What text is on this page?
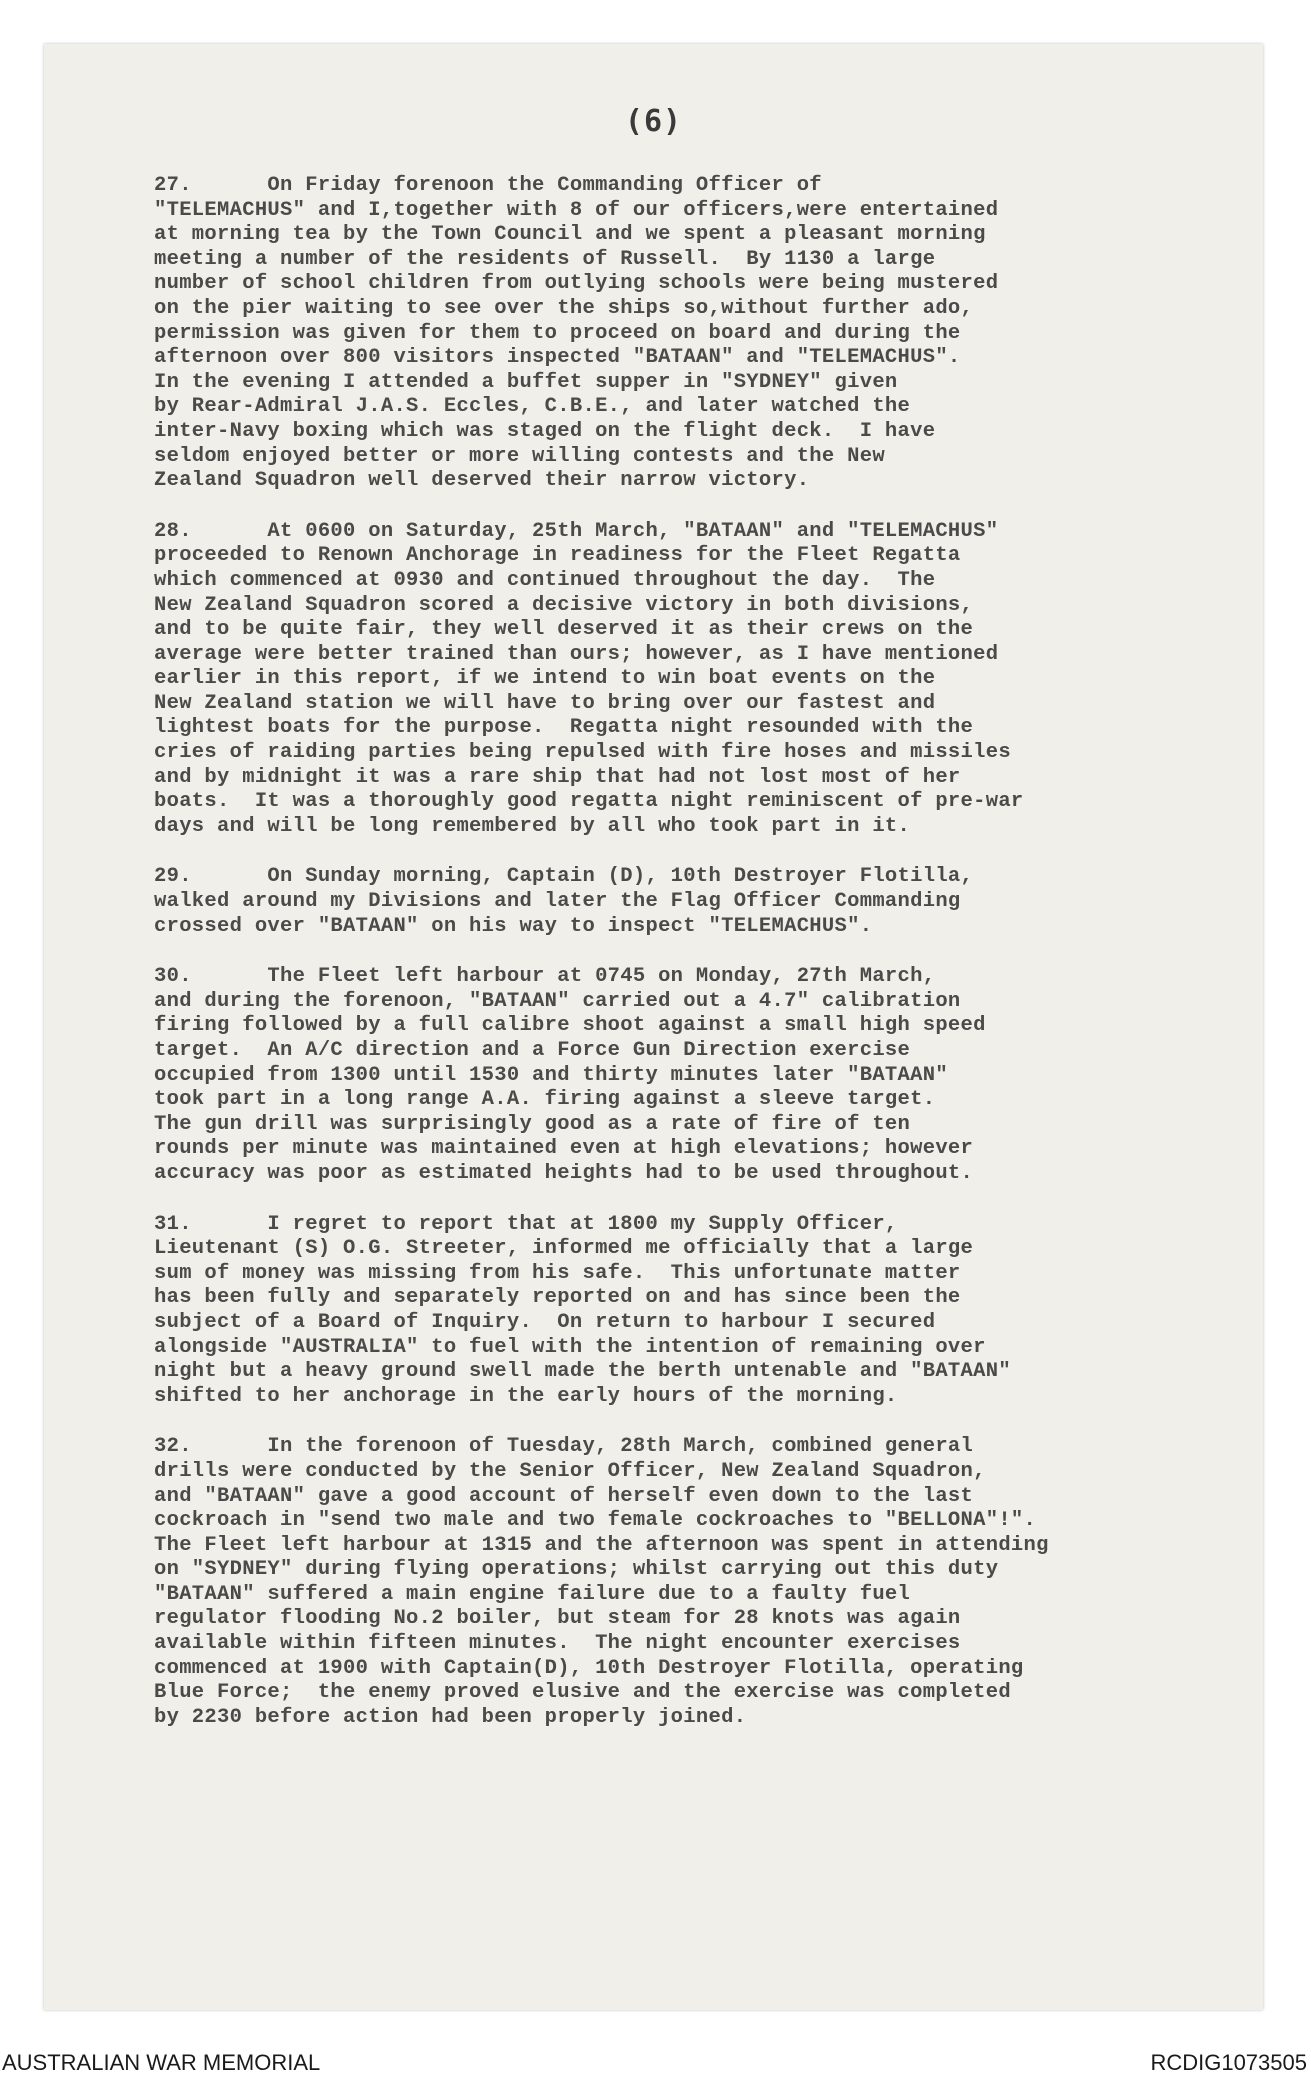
(6)
27.      On Friday forenoon the Commanding Officer of
"TELEMACHUS" and I,together with 8 of our officers,were entertained
at morning tea by the Town Council and we spent a pleasant morning
meeting a number of the residents of Russell.  By 1130 a large
number of school children from outlying schools were being mustered
on the pier waiting to see over the ships so,without further ado,
permission was given for them to proceed on board and during the
afternoon over 800 visitors inspected "BATAAN" and "TELEMACHUS".
In the evening I attended a buffet supper in "SYDNEY" given
by Rear-Admiral J.A.S. Eccles, C.B.E., and later watched the
inter-Navy boxing which was staged on the flight deck.  I have
seldom enjoyed better or more willing contests and the New
Zealand Squadron well deserved their narrow victory.
28.      At 0600 on Saturday, 25th March, "BATAAN" and "TELEMACHUS"
proceeded to Renown Anchorage in readiness for the Fleet Regatta
which commenced at 0930 and continued throughout the day.  The
New Zealand Squadron scored a decisive victory in both divisions,
and to be quite fair, they well deserved it as their crews on the
average were better trained than ours; however, as I have mentioned
earlier in this report, if we intend to win boat events on the
New Zealand station we will have to bring over our fastest and
lightest boats for the purpose.  Regatta night resounded with the
cries of raiding parties being repulsed with fire hoses and missiles
and by midnight it was a rare ship that had not lost most of her
boats.  It was a thoroughly good regatta night reminiscent of pre-war
days and will be long remembered by all who took part in it.
29.      On Sunday morning, Captain (D), 10th Destroyer Flotilla,
walked around my Divisions and later the Flag Officer Commanding
crossed over "BATAAN" on his way to inspect "TELEMACHUS".
30.      The Fleet left harbour at 0745 on Monday, 27th March,
and during the forenoon, "BATAAN" carried out a 4.7" calibration
firing followed by a full calibre shoot against a small high speed
target.  An A/C direction and a Force Gun Direction exercise
occupied from 1300 until 1530 and thirty minutes later "BATAAN"
took part in a long range A.A. firing against a sleeve target.
The gun drill was surprisingly good as a rate of fire of ten
rounds per minute was maintained even at high elevations; however
accuracy was poor as estimated heights had to be used throughout.
31.      I regret to report that at 1800 my Supply Officer,
Lieutenant (S) O.G. Streeter, informed me officially that a large
sum of money was missing from his safe.  This unfortunate matter
has been fully and separately reported on and has since been the
subject of a Board of Inquiry.  On return to harbour I secured
alongside "AUSTRALIA" to fuel with the intention of remaining over
night but a heavy ground swell made the berth untenable and "BATAAN"
shifted to her anchorage in the early hours of the morning.
32.      In the forenoon of Tuesday, 28th March, combined general
drills were conducted by the Senior Officer, New Zealand Squadron,
and "BATAAN" gave a good account of herself even down to the last
cockroach in "send two male and two female cockroaches to "BELLONA"!".
The Fleet left harbour at 1315 and the afternoon was spent in attending
on "SYDNEY" during flying operations; whilst carrying out this duty
"BATAAN" suffered a main engine failure due to a faulty fuel
regulator flooding No.2 boiler, but steam for 28 knots was again
available within fifteen minutes.  The night encounter exercises
commenced at 1900 with Captain(D), 10th Destroyer Flotilla, operating
Blue Force;  the enemy proved elusive and the exercise was completed
by 2230 before action had been properly joined.
AUSTRALIAN WAR MEMORIAL	RCDIG1073505
